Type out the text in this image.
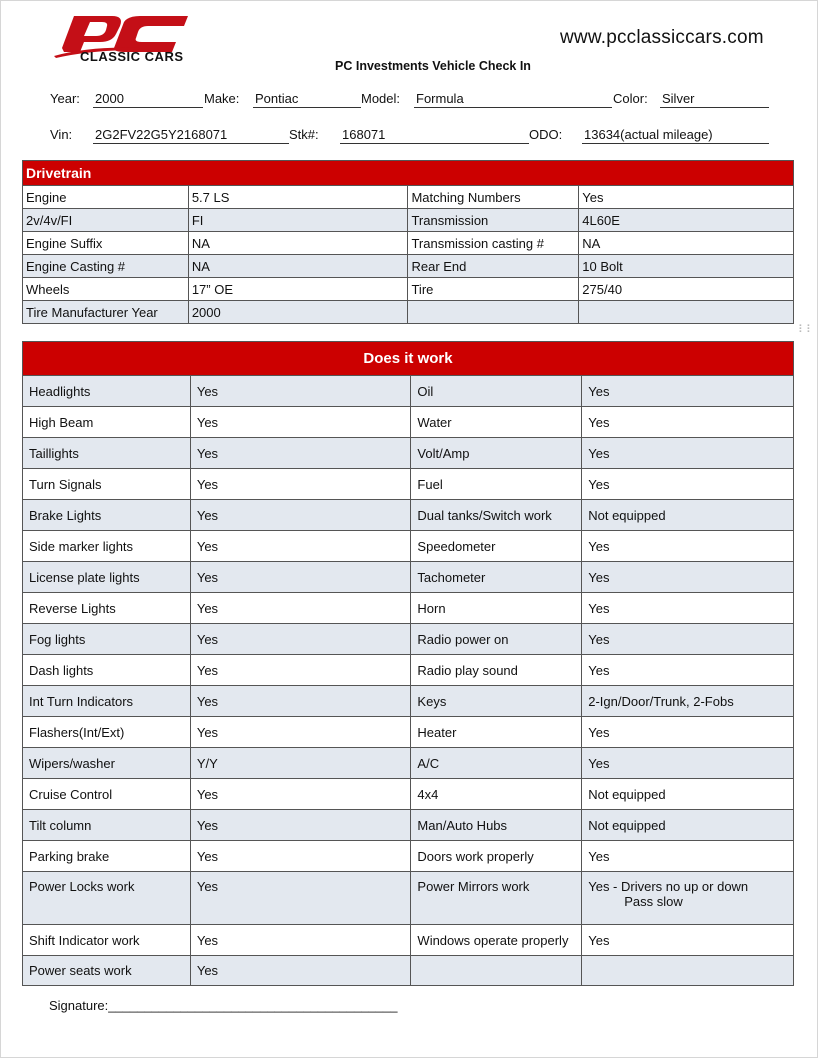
CLASSIC CARS
www.pcclassiccars.com
PC Investments Vehicle Check In
Year: 2000	Make: Pontiac	Model: Formula	Color: Silver
Vin: 2G2FV22G5Y2168071	Stk#: 168071	ODO: 13634(actual mileage)
Drivetrain			
Engine	5.7 LS	Matching Numbers	Yes
2v/4v/FI	FI	Transmission	4L60E
Engine Suffix	NA	Transmission casting #	NA
Engine Casting #	NA	Rear End	10 Bolt
Wheels	17” OE	Tire	275/40
Tire Manufacturer Year	2000		
⠇⠇
Does it work			
Headlights	Yes	Oil	Yes
High Beam	Yes	Water	Yes
Taillights	Yes	Volt/Amp	Yes
Turn Signals	Yes	Fuel	Yes
Brake Lights	Yes	Dual tanks/Switch work	Not equipped
Side marker lights	Yes	Speedometer	Yes
License plate lights	Yes	Tachometer	Yes
Reverse Lights	Yes	Horn	Yes
Fog lights	Yes	Radio power on	Yes
Dash lights	Yes	Radio play sound	Yes
Int Turn Indicators	Yes	Keys	2-Ign/Door/Trunk, 2-Fobs
Flashers(Int/Ext)	Yes	Heater	Yes
Wipers/washer	Y/Y	A/C	Yes
Cruise Control	Yes	4x4	Not equipped
Tilt column	Yes	Man/Auto Hubs	Not equipped
Parking brake	Yes	Doors work properly	Yes
Power Locks work	Yes	Power Mirrors work	Yes - Drivers no up or down
Pass slow

Shift Indicator work	Yes	Windows operate properly	Yes
Power seats work	Yes		
Signature:________________________________________
